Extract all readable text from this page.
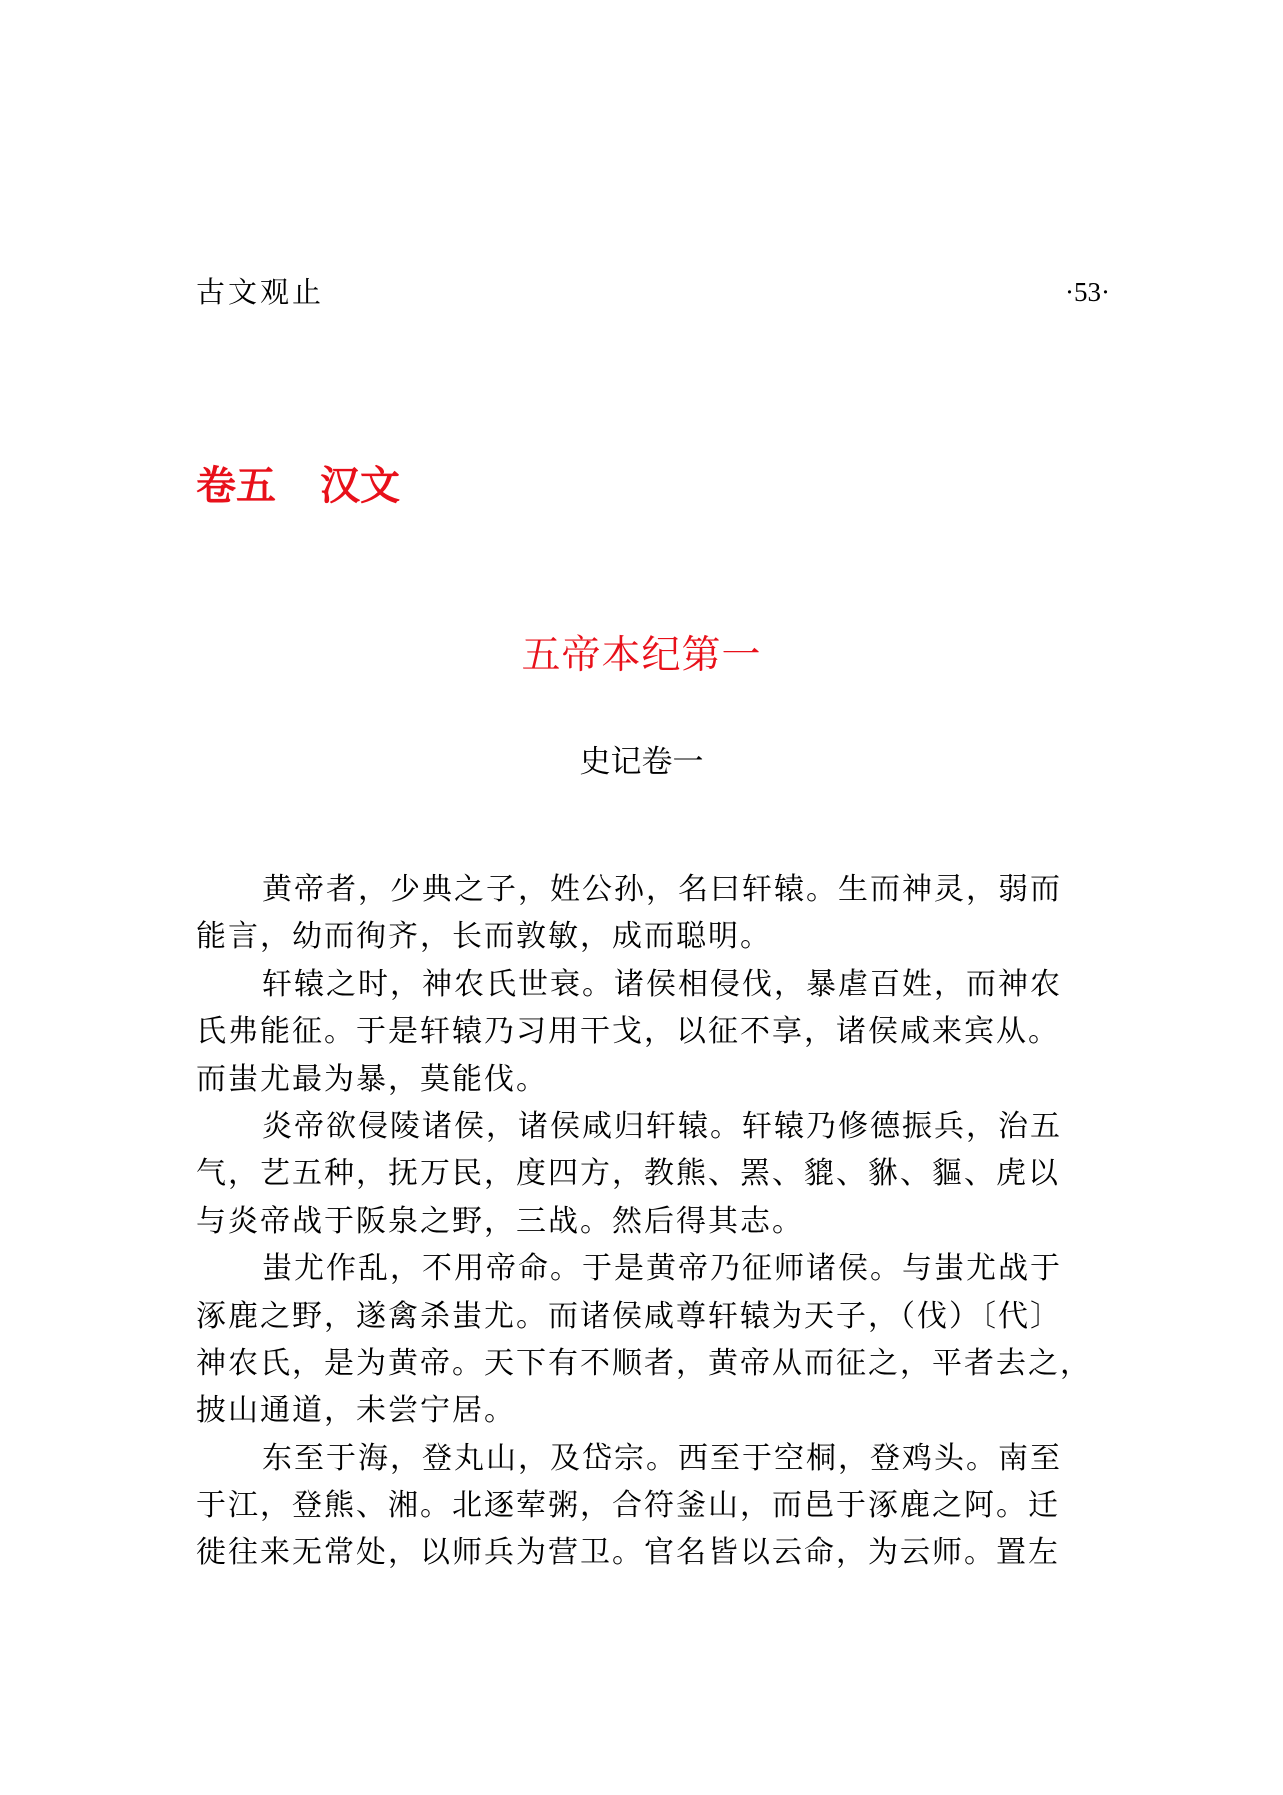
古文观止	·53·
卷五 汉文
五帝本纪第一
史记卷一
黄帝者，少典之子，姓公孙，名曰轩辕。生而神灵，弱而
能言，幼而徇齐，长而敦敏，成而聪明。
轩辕之时，神农氏世衰。诸侯相侵伐，暴虐百姓，而神农
氏弗能征。于是轩辕乃习用干戈，以征不享，诸侯咸来宾从。
而蚩尤最为暴，莫能伐。
炎帝欲侵陵诸侯，诸侯咸归轩辕。轩辕乃修德振兵，治五
气，艺五种，抚万民，度四方，教熊、罴、貔、貅、貙、虎以
与炎帝战于阪泉之野，三战。然后得其志。
蚩尤作乱，不用帝命。于是黄帝乃征师诸侯。与蚩尤战于
涿鹿之野，遂禽杀蚩尤。而诸侯咸尊轩辕为天子，（伐）〔代〕
神农氏，是为黄帝。天下有不顺者，黄帝从而征之，平者去之，
披山通道，未尝宁居。
东至于海，登丸山，及岱宗。西至于空桐，登鸡头。南至
于江，登熊、湘。北逐荤粥，合符釜山，而邑于涿鹿之阿。迁
徙往来无常处，以师兵为营卫。官名皆以云命，为云师。置左
